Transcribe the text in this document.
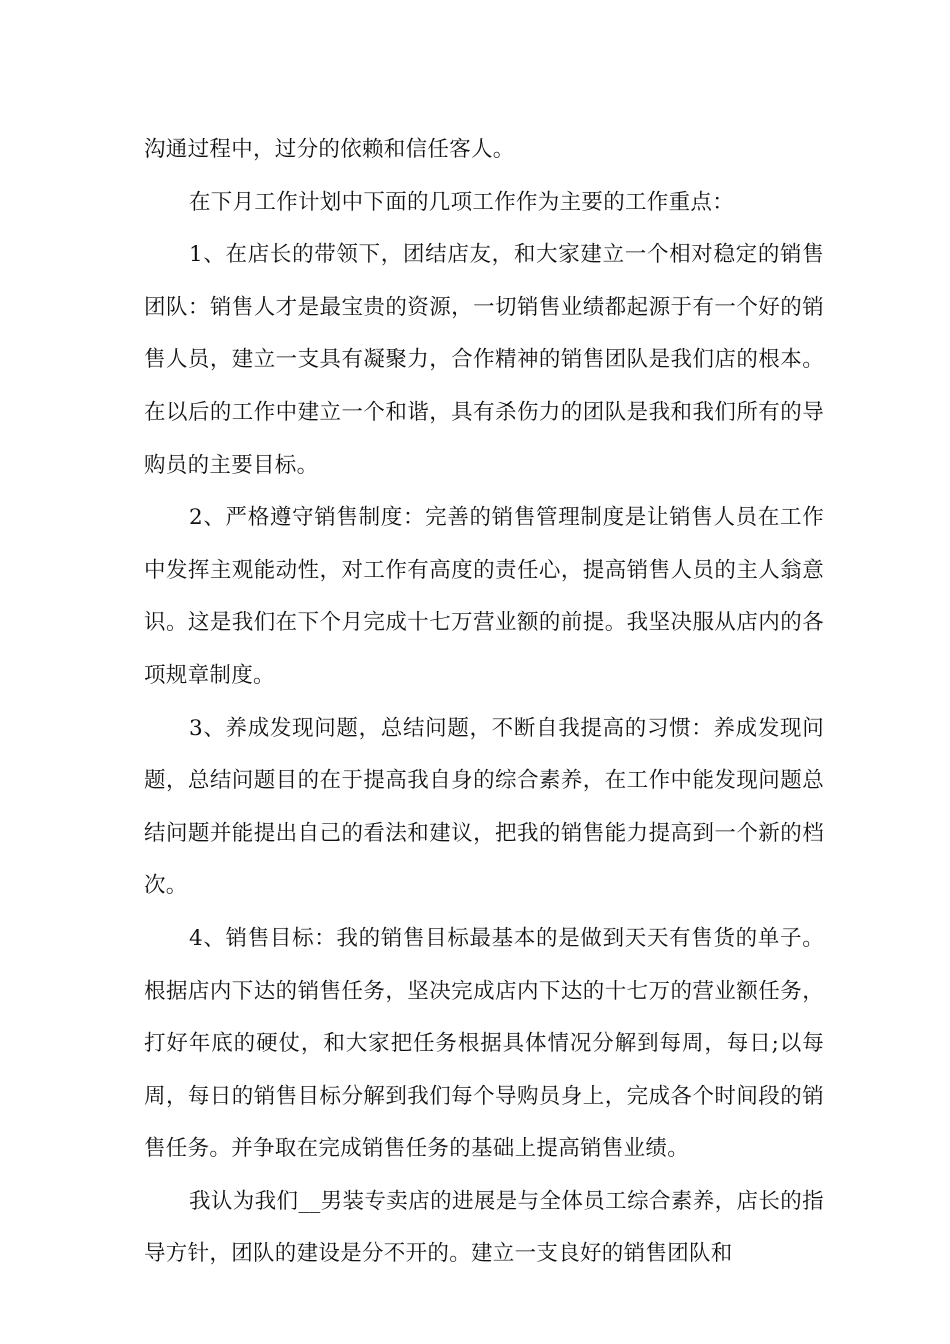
沟通过程中，过分的依赖和信任客人。

在下月工作计划中下面的几项工作作为主要的工作重点：

1、在店长的带领下，团结店友，和大家建立一个相对稳定的销售团队：销售人才是最宝贵的资源，一切销售业绩都起源于有一个好的销售人员，建立一支具有凝聚力，合作精神的销售团队是我们店的根本。在以后的工作中建立一个和谐，具有杀伤力的团队是我和我们所有的导购员的主要目标。

2、严格遵守销售制度：完善的销售管理制度是让销售人员在工作中发挥主观能动性，对工作有高度的责任心，提高销售人员的主人翁意识。这是我们在下个月完成十七万营业额的前提。我坚决服从店内的各项规章制度。

3、养成发现问题，总结问题，不断自我提高的习惯：养成发现问题，总结问题目的在于提高我自身的综合素养，在工作中能发现问题总结问题并能提出自己的看法和建议，把我的销售能力提高到一个新的档次。

4、销售目标：我的销售目标最基本的是做到天天有售货的单子。根据店内下达的销售任务，坚决完成店内下达的十七万的营业额任务，打好年底的硬仗，和大家把任务根据具体情况分解到每周，每日;以每周，每日的销售目标分解到我们每个导购员身上，完成各个时间段的销售任务。并争取在完成销售任务的基础上提高销售业绩。

我认为我们__男装专卖店的进展是与全体员工综合素养，店长的指导方针，团队的建设是分不开的。建立一支良好的销售团队和
